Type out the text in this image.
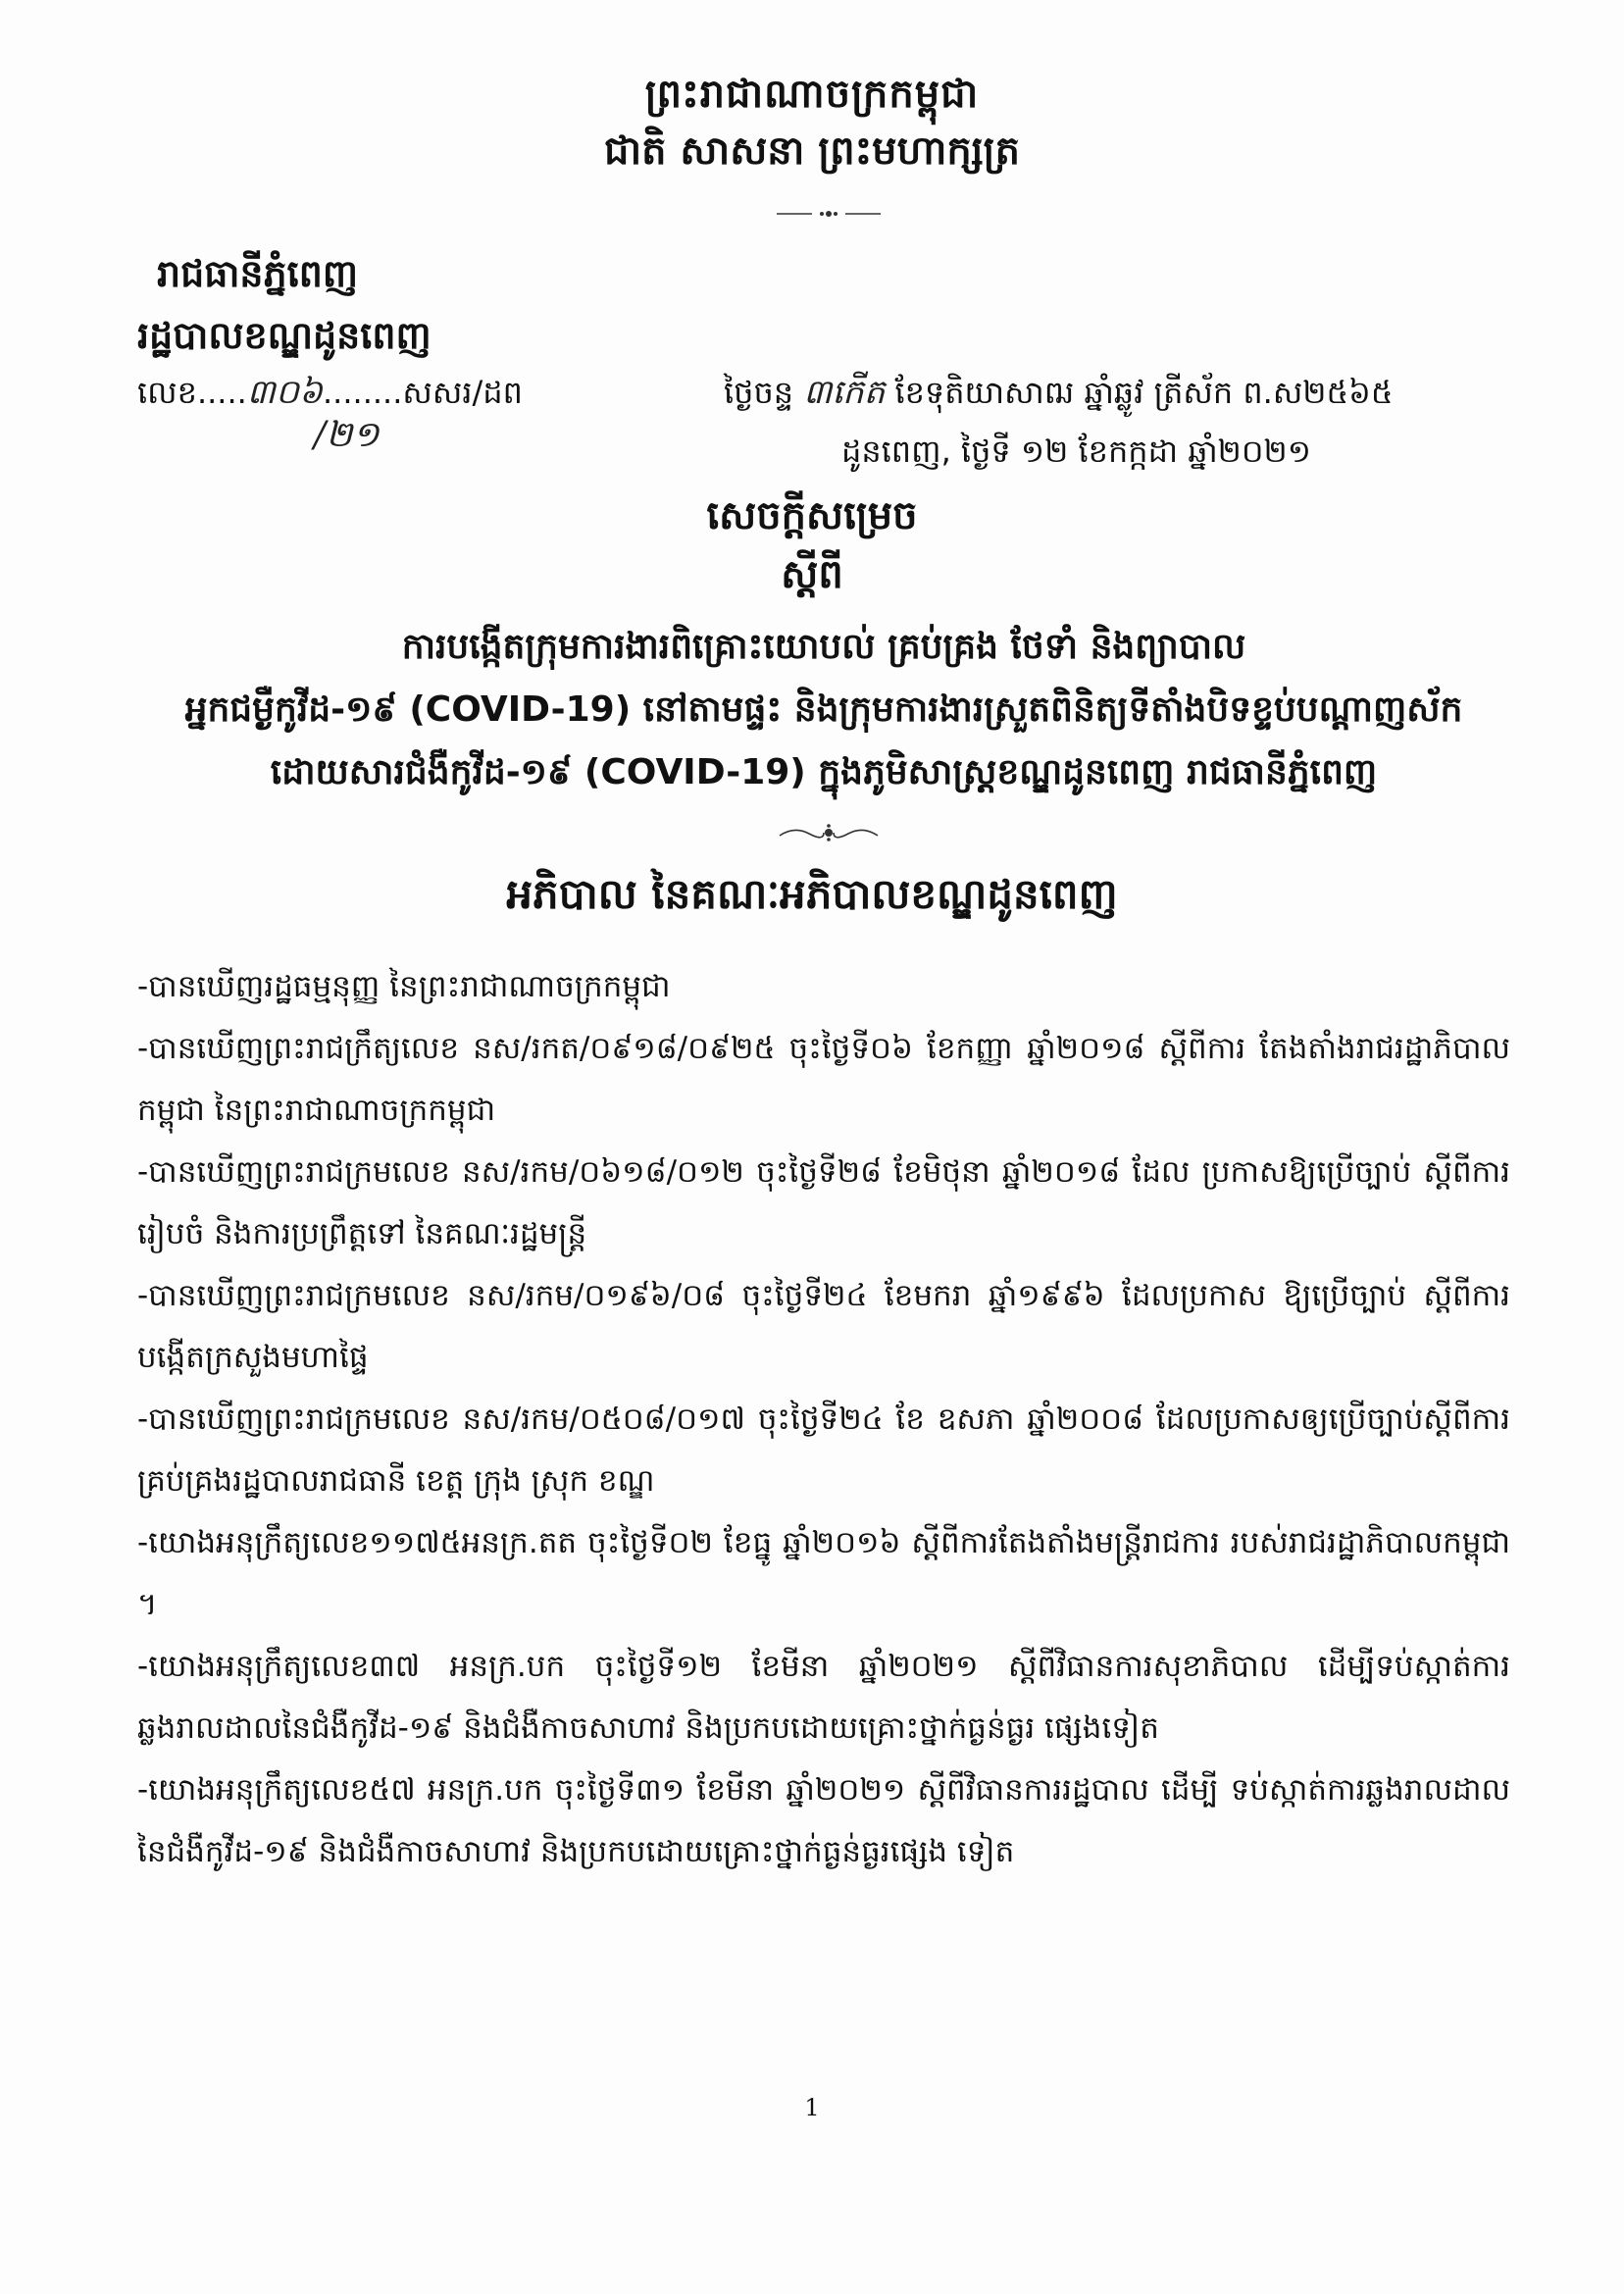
ព្រះរាជាណាចក្រកម្ពុជា
ជាតិ សាសនា ព្រះមហាក្សត្រ
រាជធានីភ្នំពេញ
រដ្ឋបាលខណ្ឌដូនពេញ
លេខ.....៣០៦........សសរ/ដព
/២១
ថ្ងៃចន្ទ ៣កើត ខែទុតិយាសាឍ ឆ្នាំឆ្លូវ ត្រីស័ក ព.ស២៥៦៥
ដូនពេញ, ថ្ងៃទី ១២ ខែកក្កដា ឆ្នាំ២០២១
សេចក្តីសម្រេច
ស្តីពី
ការបង្កើតក្រុមការងារពិគ្រោះយោបល់ គ្រប់គ្រង ថែទាំ និងព្យាបាល
អ្នកជម្ងឺកូវីដ-១៩ (COVID-19) នៅតាមផ្ទះ និងក្រុមការងារស្រួតពិនិត្យទីតាំងបិទខ្ទប់បណ្តាញស័ក
ដោយសារជំងឺកូវីដ-១៩ (COVID-19) ក្នុងភូមិសាស្ត្រខណ្ឌដូនពេញ រាជធានីភ្នំពេញ
អភិបាល នៃគណៈអភិបាលខណ្ឌដូនពេញ

-បានឃើញរដ្ឋធម្មនុញ្ញ នៃព្រះរាជាណាចក្រកម្ពុជា

-បានឃើញព្រះរាជក្រឹត្យលេខ នស/រកត/០៩១៨/០៩២៥ ចុះថ្ងៃទី០៦ ខែកញ្ញា ឆ្នាំ២០១៨ ស្តីពីការ តែងតាំងរាជរដ្ឋាភិបាលកម្ពុជា នៃព្រះរាជាណាចក្រកម្ពុជា

-បានឃើញព្រះរាជក្រមលេខ នស/រកម/០៦១៨/០១២ ចុះថ្ងៃទី២៨ ខែមិថុនា ឆ្នាំ២០១៨ ដែល ប្រកាសឱ្យប្រើច្បាប់ ស្តីពីការរៀបចំ និងការប្រព្រឹត្តទៅ នៃគណៈរដ្ឋមន្ត្រី

-បានឃើញព្រះរាជក្រមលេខ នស/រកម/០១៩៦/០៨ ចុះថ្ងៃទី២៤ ខែមករា ឆ្នាំ១៩៩៦ ដែលប្រកាស ឱ្យប្រើច្បាប់ ស្តីពីការបង្កើតក្រសួងមហាផ្ទៃ

-បានឃើញព្រះរាជក្រមលេខ នស/រកម/០៥០៨/០១៧ ចុះថ្ងៃទី២៤ ខែ ឧសភា ឆ្នាំ២០០៨ ដែលប្រកាសឲ្យប្រើច្បាប់ស្តីពីការគ្រប់គ្រងរដ្ឋបាលរាជធានី ខេត្ត ក្រុង ស្រុក ខណ្ឌ

-យោងអនុក្រឹត្យលេខ១១៧៥អនក្រ.តត ចុះថ្ងៃទី០២ ខែធ្នូ ឆ្នាំ២០១៦ ស្តីពីការតែងតាំងមន្ត្រីរាជការ របស់រាជរដ្ឋាភិបាលកម្ពុជា ។

-យោងអនុក្រឹត្យលេខ៣៧ អនក្រ.បក ចុះថ្ងៃទី១២ ខែមីនា ឆ្នាំ២០២១ ស្តីពីវិធានការសុខាភិបាល ដើម្បីទប់ស្កាត់ការឆ្លងរាលដាលនៃជំងឺកូវីដ-១៩ និងជំងឺកាចសាហាវ និងប្រកបដោយគ្រោះថ្នាក់ធ្ងន់ធ្ងរ ផ្សេងទៀត

-យោងអនុក្រឹត្យលេខ៥៧ អនក្រ.បក ចុះថ្ងៃទី៣១ ខែមីនា ឆ្នាំ២០២១ ស្តីពីវិធានការរដ្ឋបាល ដើម្បី ទប់ស្កាត់ការឆ្លងរាលដាលនៃជំងឺកូវីដ-១៩ និងជំងឺកាចសាហាវ និងប្រកបដោយគ្រោះថ្នាក់ធ្ងន់ធ្ងរផ្សេង ទៀត

1
